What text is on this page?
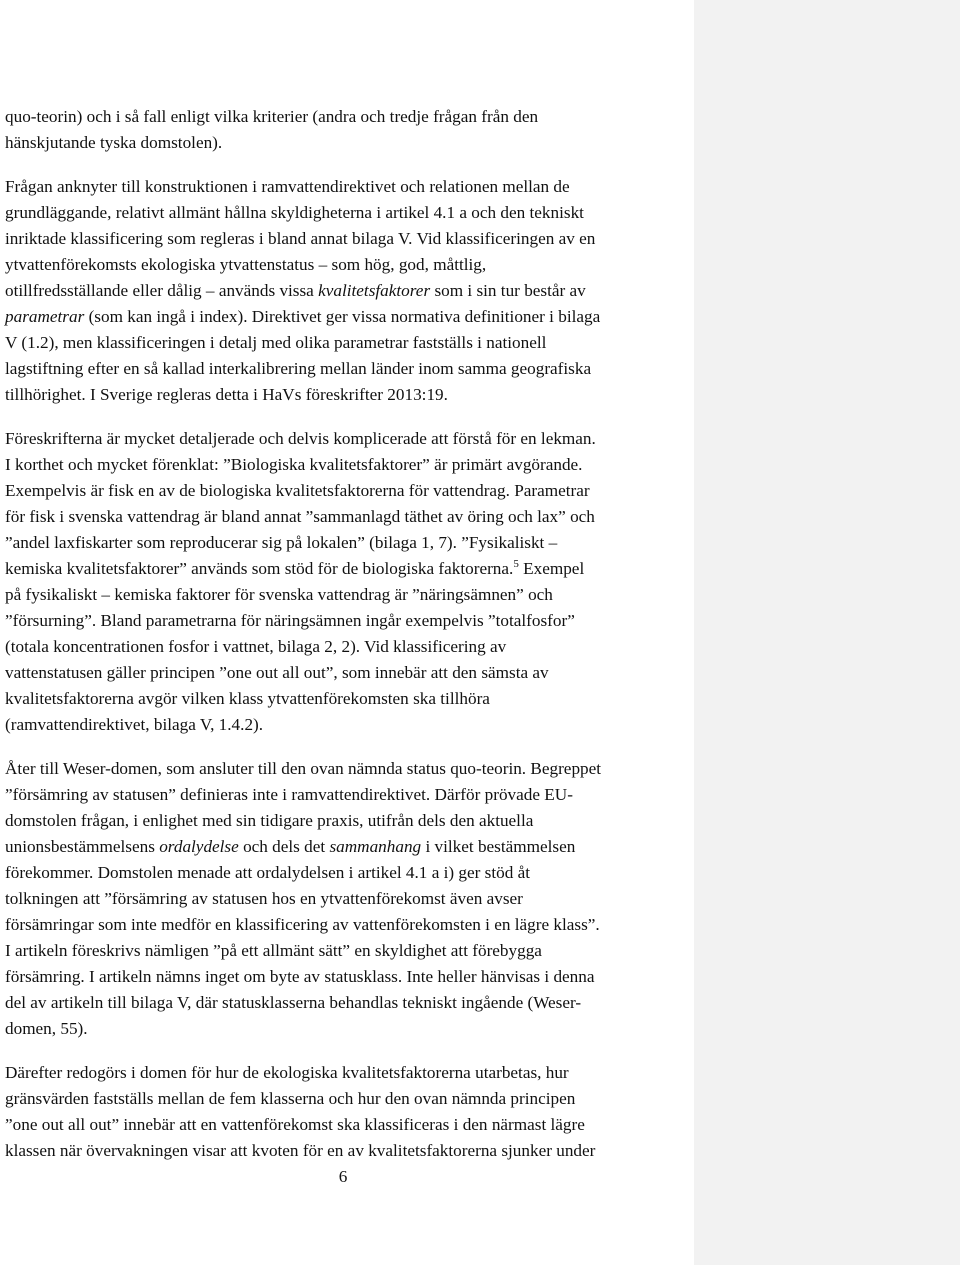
quo-teorin) och i så fall enligt vilka kriterier (andra och tredje frågan från den
hänskjutande tyska domstolen).

Frågan anknyter till konstruktionen i ramvattendirektivet och relationen mellan de
grundläggande, relativt allmänt hållna skyldigheterna i artikel 4.1 a och den tekniskt
inriktade klassificering som regleras i bland annat bilaga V. Vid klassificeringen av en
ytvattenförekomsts ekologiska ytvattenstatus – som hög, god, måttlig,
otillfredsställande eller dålig – används vissa kvalitetsfaktorer som i sin tur består av
parametrar (som kan ingå i index). Direktivet ger vissa normativa definitioner i bilaga
V (1.2), men klassificeringen i detalj med olika parametrar fastställs i nationell
lagstiftning efter en så kallad interkalibrering mellan länder inom samma geografiska
tillhörighet. I Sverige regleras detta i HaVs föreskrifter 2013:19.

Föreskrifterna är mycket detaljerade och delvis komplicerade att förstå för en lekman.
I korthet och mycket förenklat: ”Biologiska kvalitetsfaktorer” är primärt avgörande.
Exempelvis är fisk en av de biologiska kvalitetsfaktorerna för vattendrag. Parametrar
för fisk i svenska vattendrag är bland annat ”sammanlagd täthet av öring och lax” och
”andel laxfiskarter som reproducerar sig på lokalen” (bilaga 1, 7). ”Fysikaliskt –
kemiska kvalitetsfaktorer” används som stöd för de biologiska faktorerna.$^5$ Exempel
på fysikaliskt – kemiska faktorer för svenska vattendrag är ”näringsämnen” och
”försurning”. Bland parametrarna för näringsämnen ingår exempelvis ”totalfosfor”
(totala koncentrationen fosfor i vattnet, bilaga 2, 2). Vid klassificering av
vattenstatusen gäller principen ”one out all out”, som innebär att den sämsta av
kvalitetsfaktorerna avgör vilken klass ytvattenförekomsten ska tillhöra
(ramvattendirektivet, bilaga V, 1.4.2).

Åter till Weser-domen, som ansluter till den ovan nämnda status quo-teorin. Begreppet
”försämring av statusen” definieras inte i ramvattendirektivet. Därför prövade EU-
domstolen frågan, i enlighet med sin tidigare praxis, utifrån dels den aktuella
unionsbestämmelsens ordalydelse och dels det sammanhang i vilket bestämmelsen
förekommer. Domstolen menade att ordalydelsen i artikel 4.1 a i) ger stöd åt
tolkningen att ”försämring av statusen hos en ytvattenförekomst även avser
försämringar som inte medför en klassificering av vattenförekomsten i en lägre klass”.
I artikeln föreskrivs nämligen ”på ett allmänt sätt” en skyldighet att förebygga
försämring. I artikeln nämns inget om byte av statusklass. Inte heller hänvisas i denna
del av artikeln till bilaga V, där statusklasserna behandlas tekniskt ingående (Weser-
domen, 55).

Därefter redogörs i domen för hur de ekologiska kvalitetsfaktorerna utarbetas, hur
gränsvärden fastställs mellan de fem klasserna och hur den ovan nämnda principen
”one out all out” innebär att en vattenförekomst ska klassificeras i den närmast lägre
klassen när övervakningen visar att kvoten för en av kvalitetsfaktorerna sjunker under

6
